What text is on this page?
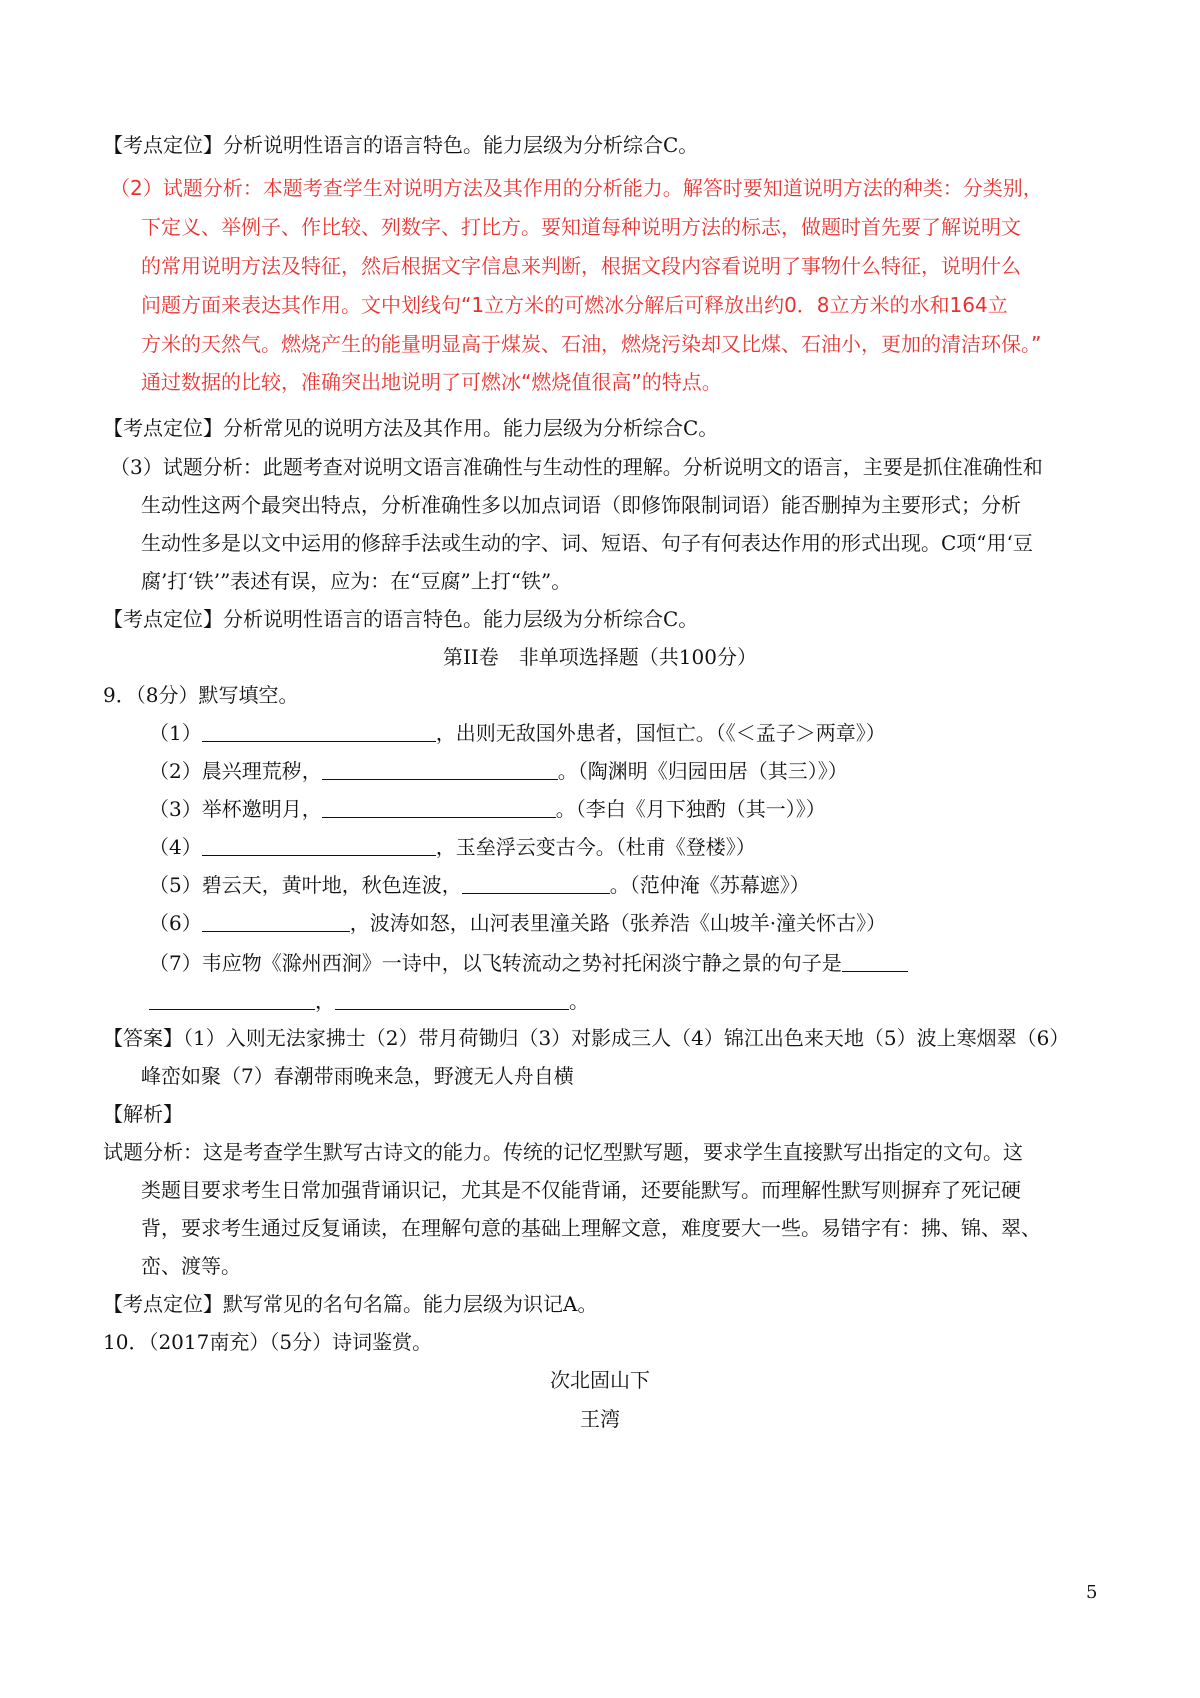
【考点定位】分析说明性语言的语言特色。能力层级为分析综合C。
（2）试题分析：本题考查学生对说明方法及其作用的分析能力。解答时要知道说明方法的种类：分类别，
下定义、举例子、作比较、列数字、打比方。要知道每种说明方法的标志，做题时首先要了解说明文
的常用说明方法及特征，然后根据文字信息来判断，根据文段内容看说明了事物什么特征，说明什么
问题方面来表达其作用。文中划线句“1立方米的可燃冰分解后可释放出约0．8立方米的水和164立
方米的天然气。燃烧产生的能量明显高于煤炭、石油，燃烧污染却又比煤、石油小，更加的清洁环保。”
通过数据的比较，准确突出地说明了可燃冰“燃烧值很高”的特点。
【考点定位】分析常见的说明方法及其作用。能力层级为分析综合C。
（3）试题分析：此题考查对说明文语言准确性与生动性的理解。分析说明文的语言，主要是抓住准确性和
生动性这两个最突出特点，分析准确性多以加点词语（即修饰限制词语）能否删掉为主要形式；分析
生动性多是以文中运用的修辞手法或生动的字、词、短语、句子有何表达作用的形式出现。C项“用‘豆
腐’打‘铁’”表述有误，应为：在“豆腐”上打“铁”。
【考点定位】分析说明性语言的语言特色。能力层级为分析综合C。
第II卷　非单项选择题（共100分）
9．（8分）默写填空。
（1）	，出则无敌国外患者，国恒亡。（《＜孟子＞两章》）
（2）晨兴理荒秽，	。（陶渊明《归园田居（其三）》）
（3）举杯邀明月，	。（李白《月下独酌（其一）》）
（4）	，玉垒浮云变古今。（杜甫《登楼》）
（5）碧云天，黄叶地，秋色连波，	。（范仲淹《苏幕遮》）
（6）	，波涛如怒，山河表里潼关路（张养浩《山坡羊·潼关怀古》）
（7）韦应物《滁州西涧》一诗中，以飞转流动之势衬托闲淡宁静之景的句子是
，	。
【答案】（1）入则无法家拂士（2）带月荷锄归（3）对影成三人（4）锦江出色来天地（5）波上寒烟翠（6）
峰峦如聚（7）春潮带雨晚来急，野渡无人舟自横
【解析】
试题分析：这是考查学生默写古诗文的能力。传统的记忆型默写题，要求学生直接默写出指定的文句。这
类题目要求考生日常加强背诵识记，尤其是不仅能背诵，还要能默写。而理解性默写则摒弃了死记硬
背，要求考生通过反复诵读，在理解句意的基础上理解文意，难度要大一些。易错字有：拂、锦、翠、
峦、渡等。
【考点定位】默写常见的名句名篇。能力层级为识记A。
10．（2017南充）（5分）诗词鉴赏。
次北固山下
王湾
5
